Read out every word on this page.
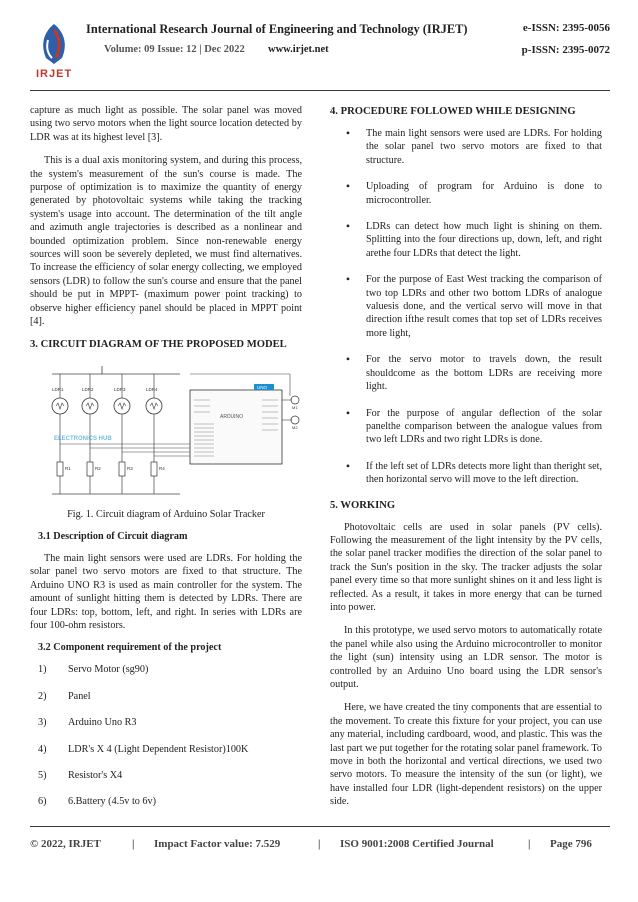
IRJET
International Research Journal of Engineering and Technology (IRJET)	e-ISSN: 2395-0056
Volume: 09 Issue: 12 | Dec 2022 www.irjet.net	p-ISSN: 2395-0072

capture as much light as possible. The solar panel was moved using two servo motors when the light source location detected by LDR was at its highest level [3].

This is a dual axis monitoring system, and during this process, the system's measurement of the sun's course is made. The purpose of optimization is to maximize the quantity of energy generated by photovoltaic systems while taking the tracking system's usage into account. The determination of the tilt angle and azimuth angle trajectories is described as a nonlinear and bounded optimization problem. Since non-renewable energy sources will soon be severely depleted, we must find alternatives. To increase the efficiency of solar energy collecting, we employed sensors (LDR) to follow the sun's course and ensure that the panel should be put in MPPT- (maximum power point tracking) to observe higher efficiency panel should be placed in MPPT point [4].

3. CIRCUIT DIAGRAM OF THE PROPOSED MODEL
LDR1	LDR2	LDR3	LDR4
R1	R2	R3	R4
ELECTRONICS HUB
UNO
ARDUINO
M1
M2

Fig. 1. Circuit diagram of Arduino Solar Tracker

3.1 Description of Circuit diagram

The main light sensors were used are LDRs. For holding the solar panel two servo motors are fixed to that structure. The Arduino UNO R3 is used as main controller for the system. The amount of sunlight hitting them is detected by LDRs. There are four LDRs: top, bottom, left, and right. In series with LDRs are four 100-ohm resistors.

3.2 Component requirement of the project
1)	Servo Motor (sg90)
2)	Panel
3)	Arduino Uno R3
4)	LDR's X 4 (Light Dependent Resistor)100K
5)	Resistor's X4
6)	6.Battery (4.5v to 6v)
4. PROCEDURE FOLLOWED WHILE DESIGNING
•	The main light sensors were used are LDRs. For holding the solar panel two servo motors are fixed to that structure.
•	Uploading of program for Arduino is done to microcontroller.
•	LDRs can detect how much light is shining on them. Splitting into the four directions up, down, left, and right arethe four LDRs that detect the light.
•	For the purpose of East West tracking the comparison of two top LDRs and other two bottom LDRs of analogue valuesis done, and the vertical servo will move in that direction ifthe result comes that top set of LDRs receives more light,
•	For the servo motor to travels down, the result shouldcome as the bottom LDRs are receiving more light.
•	For the purpose of angular deflection of the solar panelthe comparison between the analogue values from two left LDRs and two right LDRs is done.
•	If the left set of LDRs detects more light than theright set, then horizontal servo will move to the left direction.
5. WORKING

Photovoltaic cells are used in solar panels (PV cells). Following the measurement of the light intensity by the PV cells, the solar panel tracker modifies the direction of the solar panel to track the Sun's position in the sky. The tracker adjusts the solar panel every time so that more sunlight shines on it and less light is reflected. As a result, it takes in more energy that can be turned into power.

In this prototype, we used servo motors to automatically rotate the panel while also using the Arduino microcontroller to monitor the light (sun) intensity using an LDR sensor. The motor is controlled by an Arduino Uno board using the LDR sensor's output.

Here, we have created the tiny components that are essential to the movement. To create this fixture for your project, you can use any material, including cardboard, wood, and plastic. This was the last part we put together for the rotating solar panel framework. To move in both the horizontal and vertical directions, we used two servo motors. To measure the intensity of the sun (or light), we have installed four LDR (light-dependent resistors) on the upper side.

© 2022, IRJET	| Impact Factor value: 7.529	| ISO 9001:2008 Certified Journal	| Page 796
